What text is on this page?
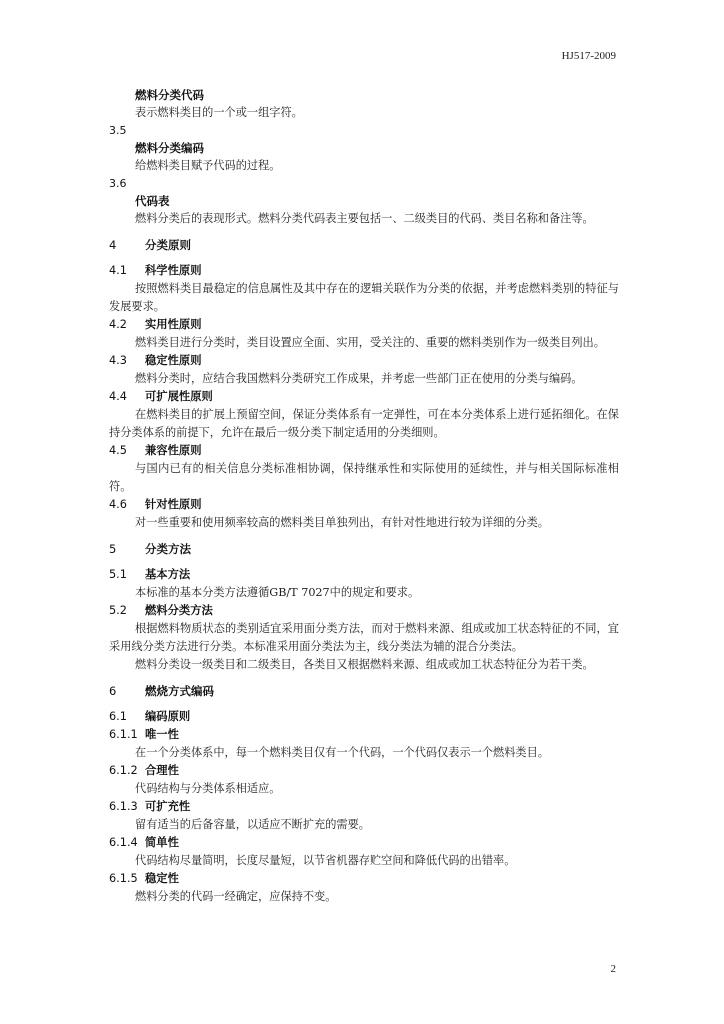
HJ517-2009
燃料分类代码
表示燃料类目的一个或一组字符。
3.5
燃料分类编码
给燃料类目赋予代码的过程。
3.6
代码表
燃料分类后的表现形式。燃料分类代码表主要包括一、二级类目的代码、类目名称和备注等。
4 分类原则
4.1 科学性原则
按照燃料类目最稳定的信息属性及其中存在的逻辑关联作为分类的依据，并考虑燃料类别的特征与发展要求。
4.2 实用性原则
燃料类目进行分类时，类目设置应全面、实用，受关注的、重要的燃料类别作为一级类目列出。
4.3 稳定性原则
燃料分类时，应结合我国燃料分类研究工作成果，并考虑一些部门正在使用的分类与编码。
4.4 可扩展性原则
在燃料类目的扩展上预留空间，保证分类体系有一定弹性，可在本分类体系上进行延拓细化。在保持分类体系的前提下，允许在最后一级分类下制定适用的分类细则。
4.5 兼容性原则
与国内已有的相关信息分类标准相协调，保持继承性和实际使用的延续性，并与相关国际标准相符。
4.6 针对性原则
对一些重要和使用频率较高的燃料类目单独列出，有针对性地进行较为详细的分类。
5 分类方法
5.1 基本方法
本标准的基本分类方法遵循GB/T 7027中的规定和要求。
5.2 燃料分类方法
根据燃料物质状态的类别适宜采用面分类方法，而对于燃料来源、组成或加工状态特征的不同，宜采用线分类方法进行分类。本标准采用面分类法为主，线分类法为辅的混合分类法。
燃料分类设一级类目和二级类目，各类目又根据燃料来源、组成或加工状态特征分为若干类。
6 燃烧方式编码
6.1 编码原则
6.1.1 唯一性
在一个分类体系中，每一个燃料类目仅有一个代码，一个代码仅表示一个燃料类目。
6.1.2 合理性
代码结构与分类体系相适应。
6.1.3 可扩充性
留有适当的后备容量，以适应不断扩充的需要。
6.1.4 简单性
代码结构尽量简明，长度尽量短，以节省机器存贮空间和降低代码的出错率。
6.1.5 稳定性
燃料分类的代码一经确定，应保持不变。
2
